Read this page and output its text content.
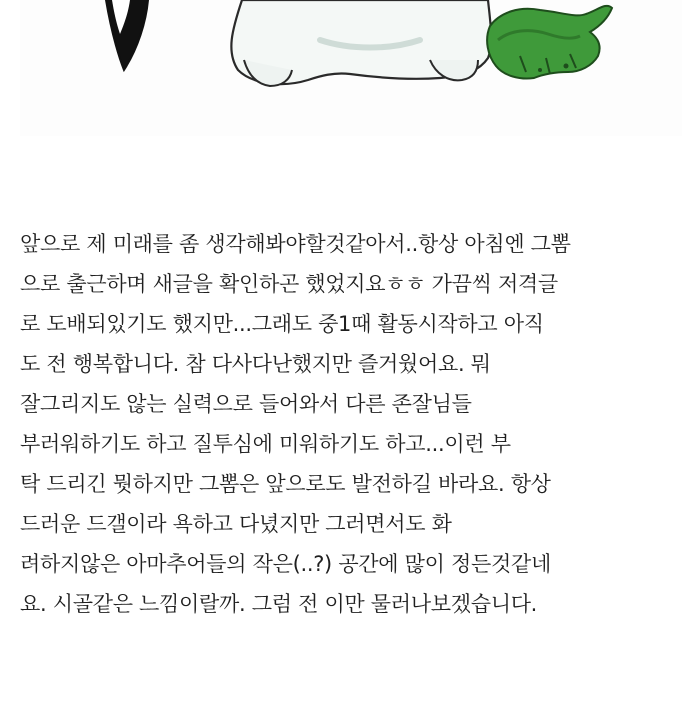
앞으로 제 미래를 좀 생각해봐야할것같아서..항상 아침엔 그뽐
으로 출근하며 새글을 확인하곤 했었지요ㅎㅎ 가끔씩 저격글
로 도배되있기도 했지만...그래도 중1때 활동시작하고 아직
도 전 행복합니다. 참 다사다난했지만 즐거웠어요. 뭐
잘그리지도 않는 실력으로 들어와서 다른 존잘님들
부러워하기도 하고 질투심에 미워하기도 하고...이런 부
탁 드리긴 뭣하지만 그뽐은 앞으로도 발전하길 바라요. 항상
드러운 드갤이라 욕하고 다녔지만 그러면서도 화
려하지않은 아마추어들의 작은(..?) 공간에 많이 정든것같네
요. 시골같은 느낌이랄까. 그럼 전 이만 물러나보겠습니다.
